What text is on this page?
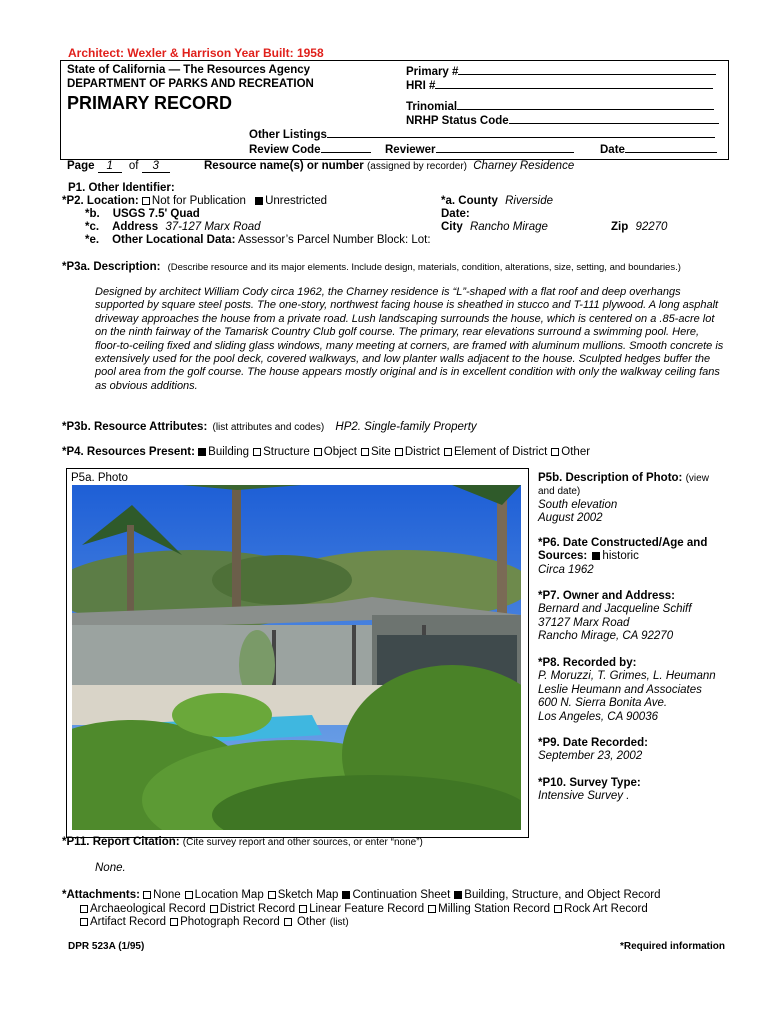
Architect: Wexler & Harrison Year Built: 1958
State of California — The Resources Agency
DEPARTMENT OF PARKS AND RECREATION
PRIMARY RECORD
Primary #
HRI #
Trinomial
NRHP Status Code
Other Listings
Review Code	Reviewer	Date
Page 1 of 3	Resource name(s) or number (assigned by recorder) Charney Residence
P1. Other Identifier:
*P2. Location: Not for Publication Unrestricted	*a. County Riverside
*b. USGS 7.5' Quad	Date:
*c. Address 37-127 Marx Road	City Rancho Mirage	Zip 92270
*e. Other Locational Data: Assessor’s Parcel Number Block: Lot:
*P3a. Description: (Describe resource and its major elements. Include design, materials, condition, alterations, size, setting, and boundaries.)

Designed by architect William Cody circa 1962, the Charney residence is “L”-shaped with a flat roof and deep overhangs supported by square steel posts. The one-story, northwest facing house is sheathed in stucco and T-111 plywood. A long asphalt driveway approaches the house from a private road. Lush landscaping surrounds the house, which is centered on a .85-acre lot on the ninth fairway of the Tamarisk Country Club golf course. The primary, rear elevations surround a swimming pool. Here, floor-to-ceiling fixed and sliding glass windows, many meeting at corners, are framed with aluminum mullions. Smooth concrete is extensively used for the pool deck, covered walkways, and low planter walls adjacent to the house. Sculpted hedges buffer the pool area from the golf course. The house appears mostly original and is in excellent condition with only the walkway ceiling fans as obvious additions.

*P3b. Resource Attributes: (list attributes and codes) HP2. Single-family Property
*P4. Resources Present: Building Structure Object Site District Element of District Other
P5a. Photo	P5b. Description of Photo: (view
and date)
South elevation
August 2002
*P6. Date Constructed/Age and
Sources: historic
Circa 1962
*P7. Owner and Address:
Bernard and Jacqueline Schiff
37127 Marx Road
Rancho Mirage, CA 92270
*P8. Recorded by:
P. Moruzzi, T. Grimes, L. Heumann
Leslie Heumann and Associates
600 N. Sierra Bonita Ave.
Los Angeles, CA 90036
*P9. Date Recorded:
September 23, 2002
*P10. Survey Type:
Intensive Survey .
*P11. Report Citation: (Cite survey report and other sources, or enter “none”)
None.
*Attachments: None Location Map Sketch Map Continuation Sheet Building, Structure, and Object Record
Archaeological Record District Record Linear Feature Record Milling Station Record Rock Art Record
Artifact Record Photograph Record Other (list)
DPR 523A (1/95)	*Required information
